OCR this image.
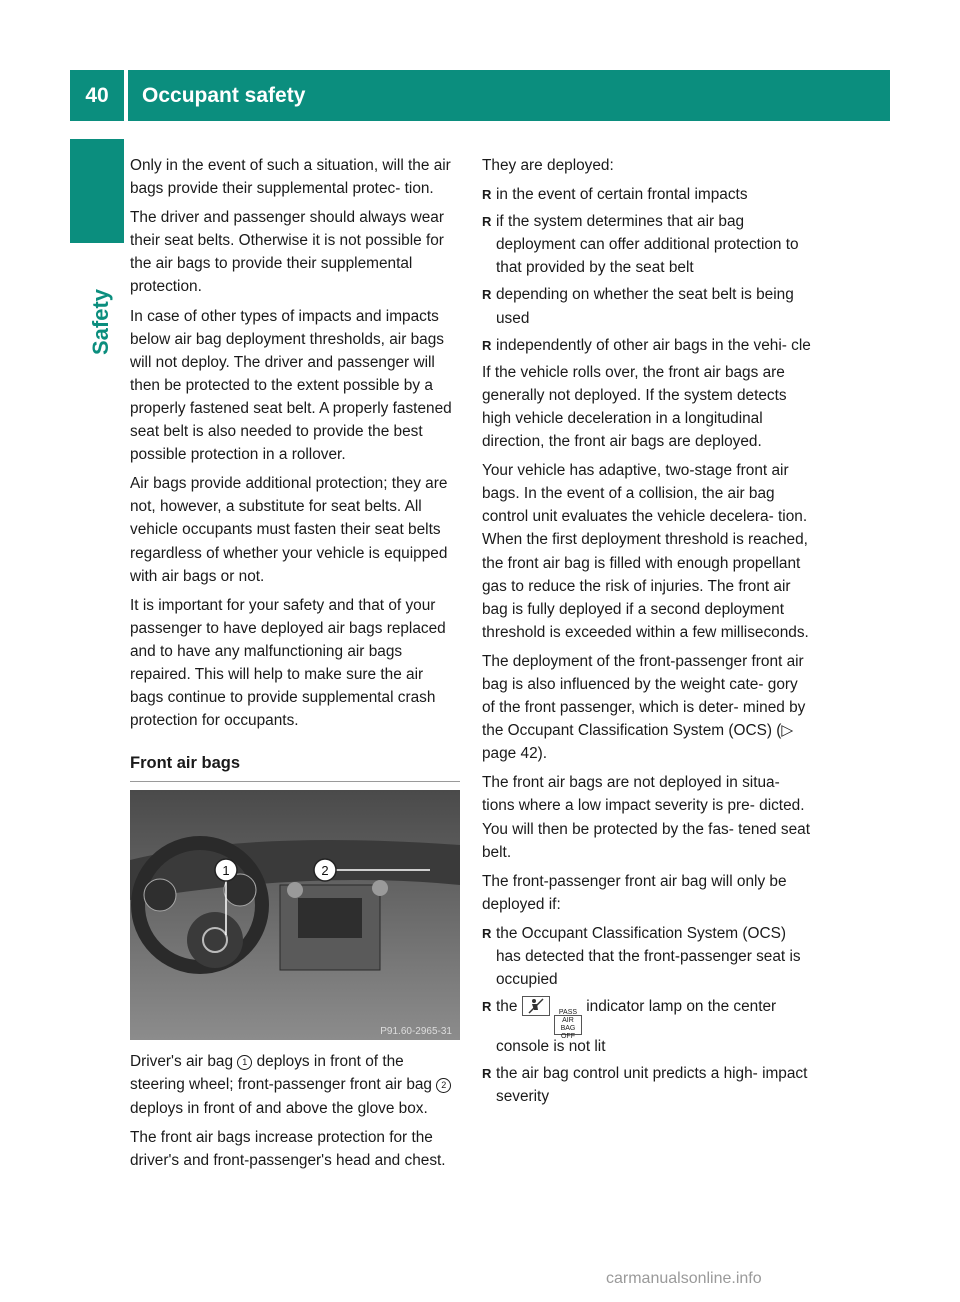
40	Occupant safety
Safety

Only in the event of such a situation, will the air bags provide their supplemental protec- tion.

The driver and passenger should always wear their seat belts. Otherwise it is not possible for the air bags to provide their supplemental protection.

In case of other types of impacts and impacts below air bag deployment thresholds, air bags will not deploy. The driver and passenger will then be protected to the extent possible by a properly fastened seat belt. A properly fastened seat belt is also needed to provide the best possible protection in a rollover.

Air bags provide additional protection; they are not, however, a substitute for seat belts. All vehicle occupants must fasten their seat belts regardless of whether your vehicle is equipped with air bags or not.

It is important for your safety and that of your passenger to have deployed air bags replaced and to have any malfunctioning air bags repaired. This will help to make sure the air bags continue to provide supplemental crash protection for occupants.

Front air bags
1	2
P91.60-2965-31

Driver's air bag 1 deploys in front of the steering wheel; front-passenger front air bag 2 deploys in front of and above the glove box.

The front air bags increase protection for the driver's and front-passenger's head and chest.

They are deployed:

R in the event of certain frontal impacts
R if the system determines that air bag deployment can offer additional protection to that provided by the seat belt
R depending on whether the seat belt is being used
R independently of other air bags in the vehi- cle

If the vehicle rolls over, the front air bags are generally not deployed. If the system detects high vehicle deceleration in a longitudinal direction, the front air bags are deployed.

Your vehicle has adaptive, two-stage front air bags. In the event of a collision, the air bag control unit evaluates the vehicle decelera- tion. When the first deployment threshold is reached, the front air bag is filled with enough propellant gas to reduce the risk of injuries. The front air bag is fully deployed if a second deployment threshold is exceeded within a few milliseconds.

The deployment of the front-passenger front air bag is also influenced by the weight cate- gory of the front passenger, which is deter- mined by the Occupant Classification System (OCS) (▷ page 42).

The front air bags are not deployed in situa- tions where a low impact severity is pre- dicted. You will then be protected by the fas- tened seat belt.

The front-passenger front air bag will only be deployed if:

R the Occupant Classification System (OCS) has detected that the front-passenger seat is occupied
R the
	PASS
AIR BAG OFF
indicator lamp on the center console is not lit
R the air bag control unit predicts a high- impact severity
carmanualsonline.info
